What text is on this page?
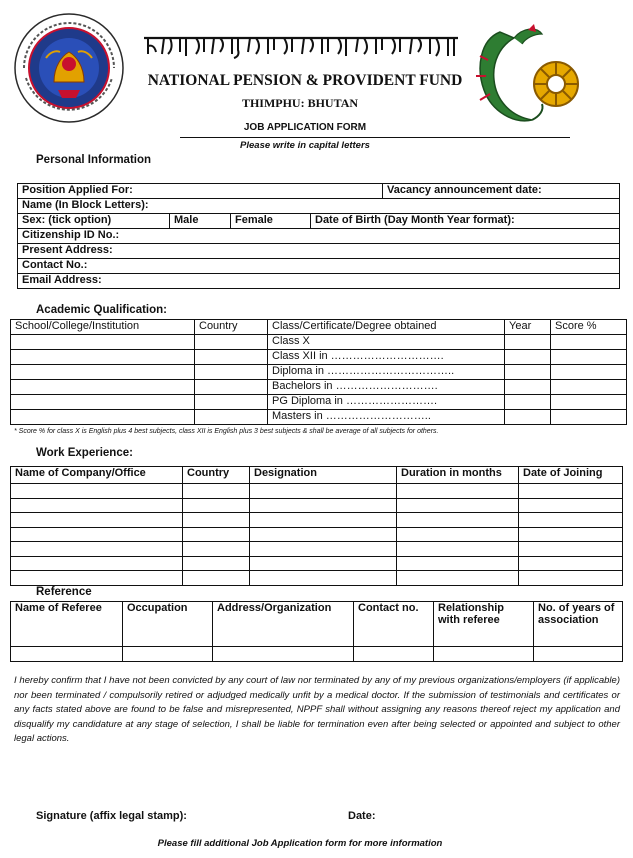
NATIONAL PENSION & PROVIDENT FUND
THIMPHU: BHUTAN
JOB APPLICATION FORM
Please write in capital letters
Personal Information
Position Applied For:				Vacancy announcement date:
Name (In Block Letters):				
Sex: (tick option)	Male	Female	Date of Birth (Day Month Year format):	
Citizenship ID No.:				
Present Address:				
Contact No.:				
Email Address:				
Academic Qualification:
School/College/Institution	Country	Class/Certificate/Degree obtained	Year	Score %
		Class X		
		Class XII in ………………………….		
		Diploma in ……………………………..		
		Bachelors in ……………………….		
		PG Diploma in …………………….		
		Masters in ………………………..		
* Score % for class X is English plus 4 best subjects, class XII is English plus 3 best subjects & shall be average of all subjects for others.
Work Experience:
Name of Company/Office	Country	Designation	Duration in months	Date of Joining

Reference
Name of Referee	Occupation	Address/Organization	Contact no.	Relationship with referee	No. of years of association

I hereby confirm that I have not been convicted by any court of law nor terminated by any of my previous organizations/employers (if applicable) nor been terminated / compulsorily retired or adjudged medically unfit by a medical doctor. If the submission of testimonials and certificates or any facts stated above are found to be false and misrepresented, NPPF shall without assigning any reasons thereof reject my application and disqualify my candidature at any stage of selection, I shall be liable for termination even after being selected or appointed and subject to other legal actions.
Signature (affix legal stamp):	Date:
Please fill additional Job Application form for more information
